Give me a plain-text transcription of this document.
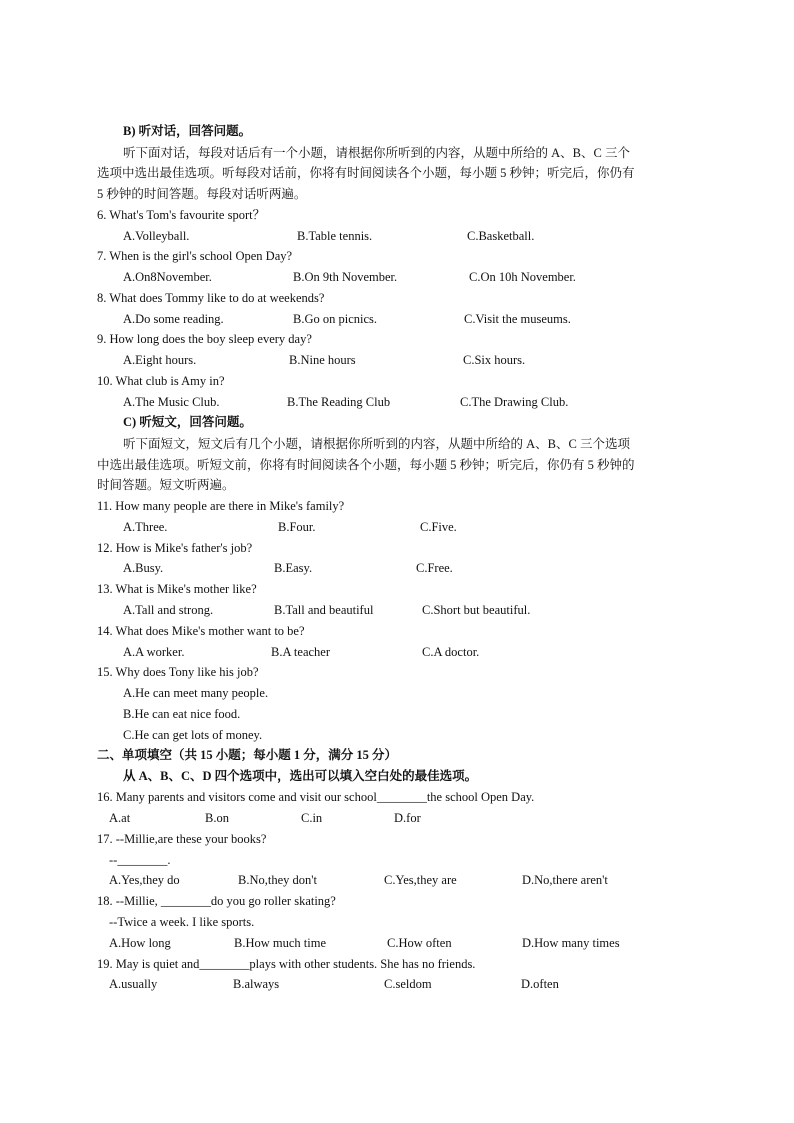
B) 听对话，回答问题。
听下面对话，每段对话后有一个小题，请根据你所听到的内容，从题中所给的 A、B、C 三个
选项中选出最佳选项。听每段对话前，你将有时间阅读各个小题，每小题 5 秒钟；听完后，你仍有
5 秒钟的时间答题。每段对话听两遍。
6. What's Tom's favourite sport？
A.Volleyball.	B.Table tennis.	C.Basketball.
7. When is the girl's school Open Day?
A.On8November.	B.On 9th November.	C.On 10h November.
8. What does Tommy like to do at weekends?
A.Do some reading.	B.Go on picnics.	C.Visit the museums.
9. How long does the boy sleep every day?
A.Eight hours.	B.Nine hours	C.Six hours.
10. What club is Amy in?
A.The Music Club.	B.The Reading Club	C.The Drawing Club.
C) 听短文，回答问题。
听下面短文，短文后有几个小题，请根据你所听到的内容，从题中所给的 A、B、C 三个选项
中选出最佳选项。听短文前，你将有时间阅读各个小题，每小题 5 秒钟；听完后，你仍有 5 秒钟的
时间答题。短文听两遍。
11. How many people are there in Mike's family?
A.Three.	B.Four.	C.Five.
12. How is Mike's father's job?
A.Busy.	B.Easy.	C.Free.
13. What is Mike's mother like?
A.Tall and strong.	B.Tall and beautiful	C.Short but beautiful.
14. What does Mike's mother want to be?
A.A worker.	B.A teacher	C.A doctor.
15. Why does Tony like his job?
A.He can meet many people.
B.He can eat nice food.
C.He can get lots of money.
二、单项填空（共 15 小题；每小题 1 分，满分 15 分）
从 A、B、C、D 四个选项中，选出可以填入空白处的最佳选项。
16. Many parents and visitors come and visit our school________the school Open Day.
A.at	B.on	C.in	D.for
17. --Millie,are these your books?
--________.
A.Yes,they do	B.No,they don't	C.Yes,they are	D.No,there aren't
18. --Millie, ________do you go roller skating?
--Twice a week. I like sports.
A.How long	B.How much time	C.How often	D.How many times
19. May is quiet and________plays with other students. She has no friends.
A.usually	B.always	C.seldom	D.often
